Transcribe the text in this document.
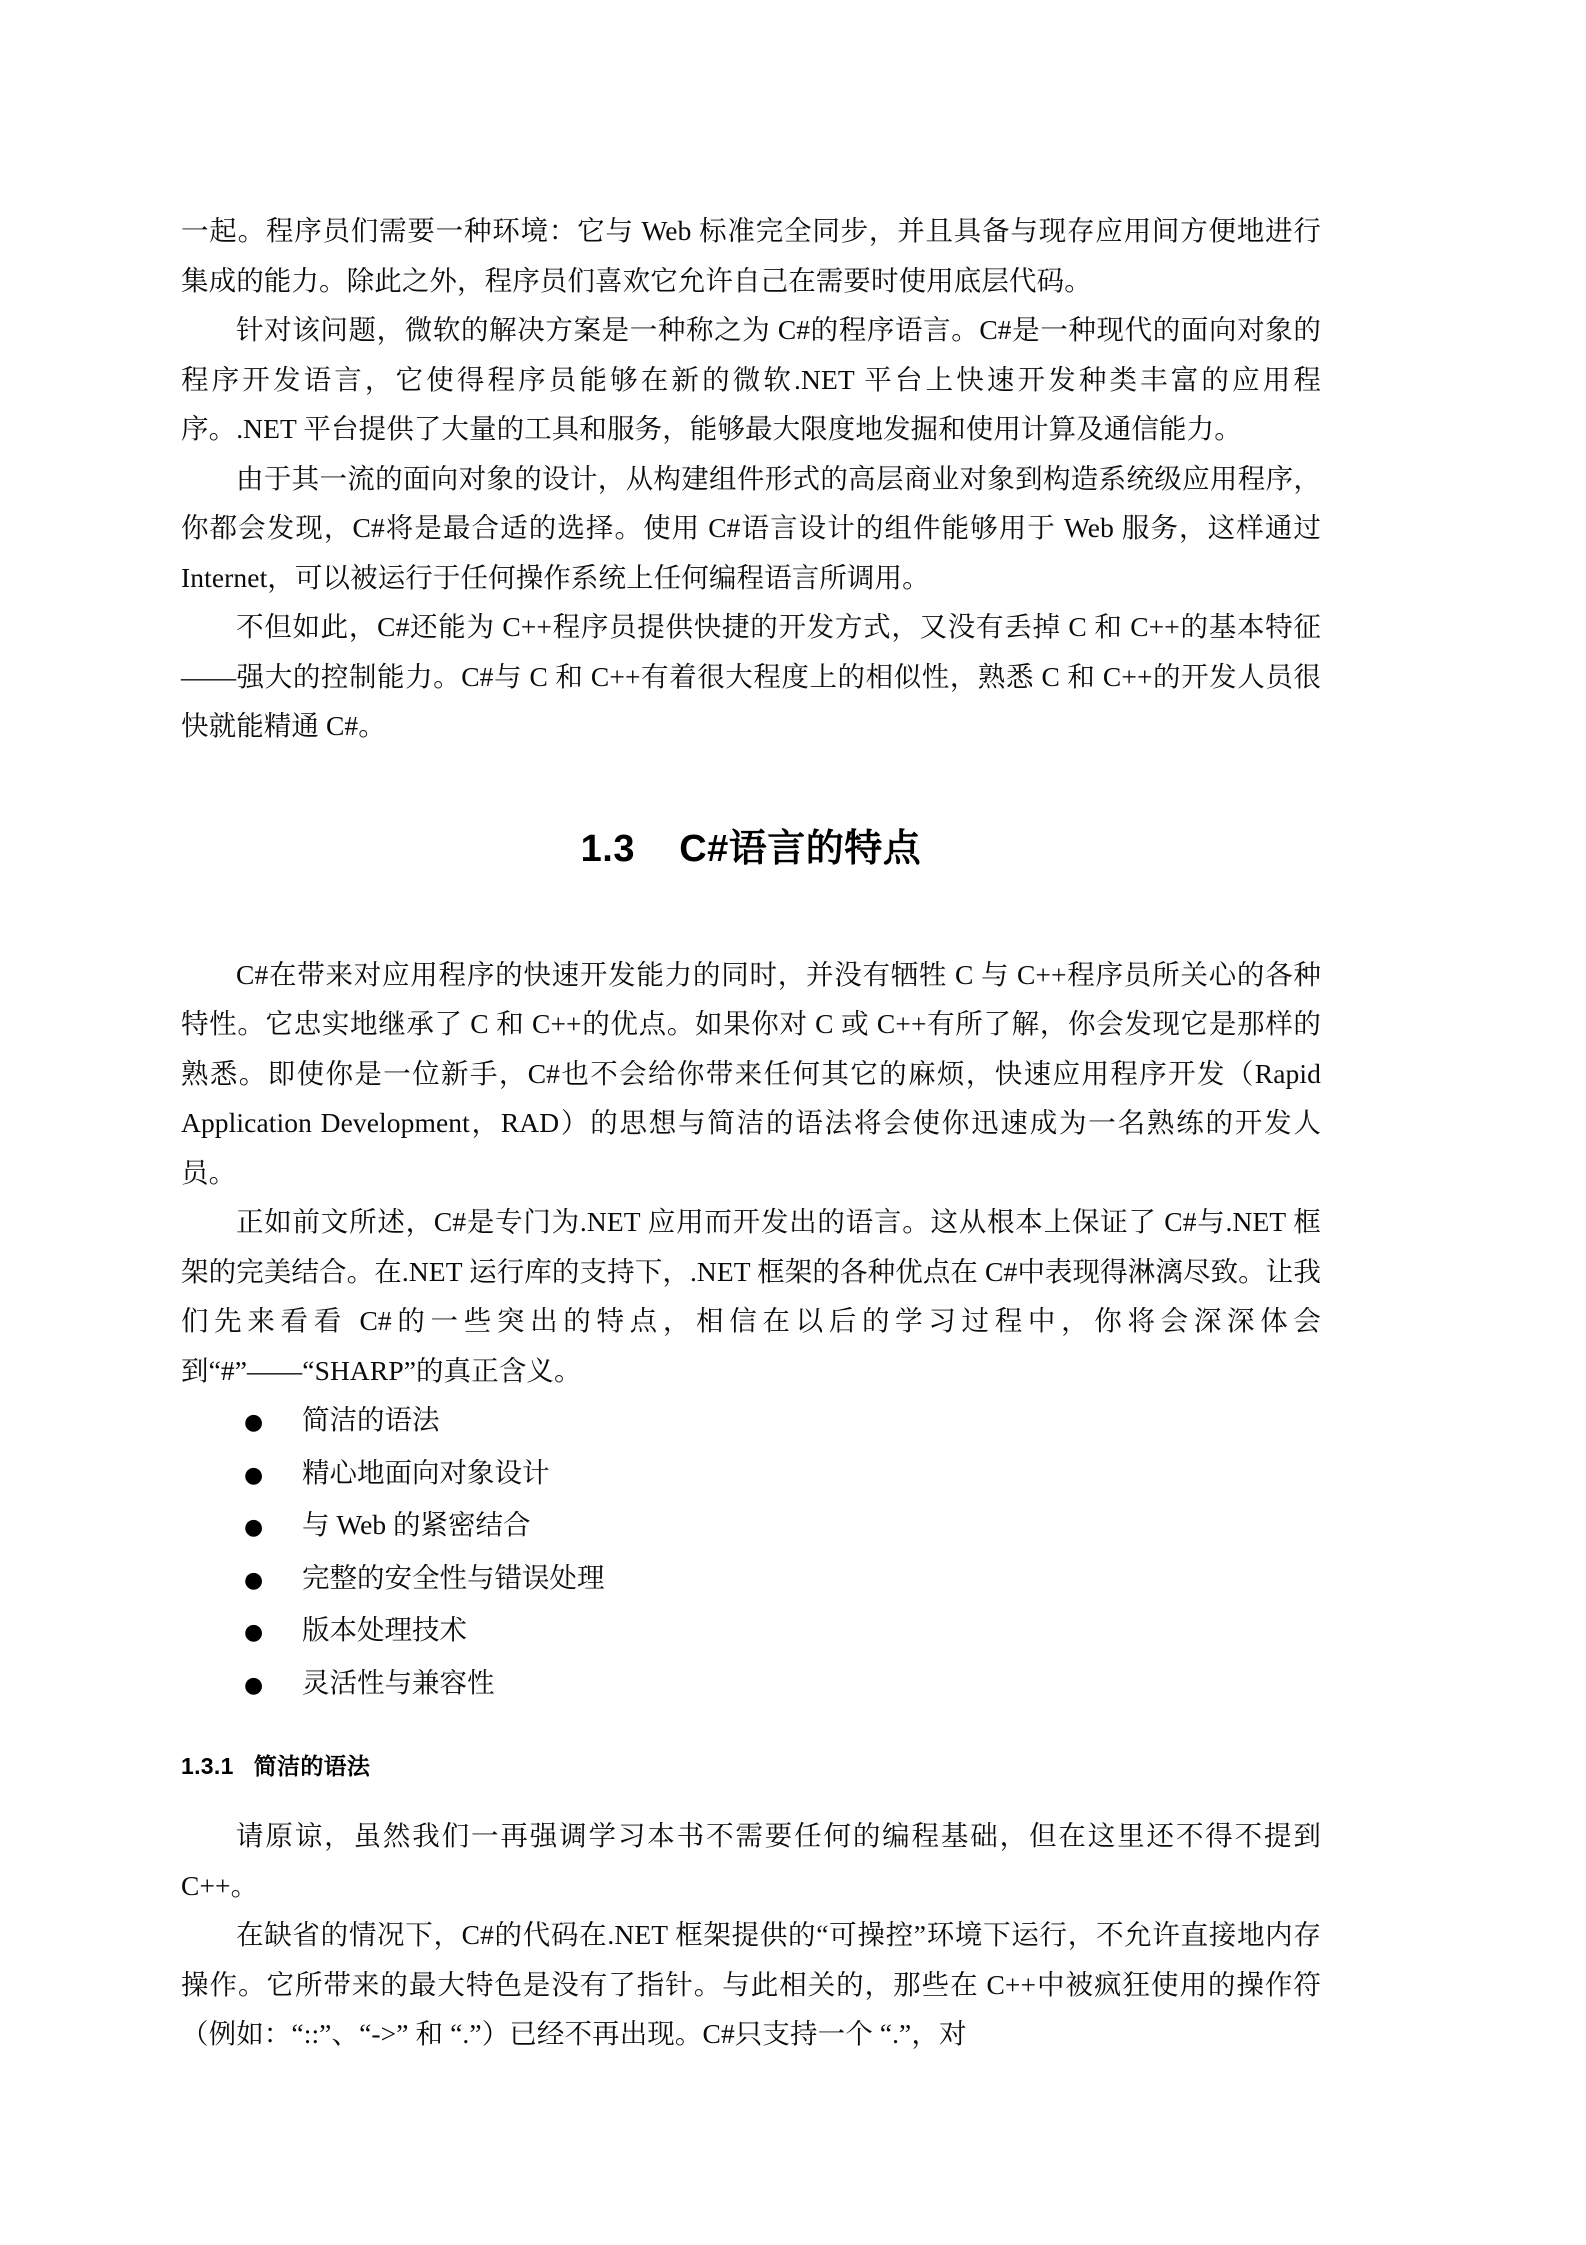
一起。程序员们需要一种环境：它与 Web 标准完全同步，并且具备与现存应用间方便地进行集成的能力。除此之外，程序员们喜欢它允许自己在需要时使用底层代码。

针对该问题，微软的解决方案是一种称之为 C#的程序语言。C#是一种现代的面向对象的程序开发语言，它使得程序员能够在新的微软.NET 平台上快速开发种类丰富的应用程序。.NET 平台提供了大量的工具和服务，能够最大限度地发掘和使用计算及通信能力。

由于其一流的面向对象的设计，从构建组件形式的高层商业对象到构造系统级应用程序，你都会发现，C#将是最合适的选择。使用 C#语言设计的组件能够用于 Web 服务，这样通过 Internet，可以被运行于任何操作系统上任何编程语言所调用。

不但如此，C#还能为 C++程序员提供快捷的开发方式，又没有丢掉 C 和 C++的基本特征——强大的控制能力。C#与 C 和 C++有着很大程度上的相似性，熟悉 C 和 C++的开发人员很快就能精通 C#。

1.3    C#语言的特点

C#在带来对应用程序的快速开发能力的同时，并没有牺牲 C 与 C++程序员所关心的各种特性。它忠实地继承了 C 和 C++的优点。如果你对 C 或 C++有所了解，你会发现它是那样的熟悉。即使你是一位新手，C#也不会给你带来任何其它的麻烦，快速应用程序开发（Rapid Application Development，RAD）的思想与简洁的语法将会使你迅速成为一名熟练的开发人员。

正如前文所述，C#是专门为.NET 应用而开发出的语言。这从根本上保证了 C#与.NET 框架的完美结合。在.NET 运行库的支持下，.NET 框架的各种优点在 C#中表现得淋漓尽致。让我们先来看看 C#的一些突出的特点，相信在以后的学习过程中，你将会深深体会到“#”——“SHARP”的真正含义。

●	简洁的语法
●	精心地面向对象设计
●	与 Web 的紧密结合
●	完整的安全性与错误处理
●	版本处理技术
●	灵活性与兼容性
1.3.1   简洁的语法

请原谅，虽然我们一再强调学习本书不需要任何的编程基础，但在这里还不得不提到 C++。

在缺省的情况下，C#的代码在.NET 框架提供的“可操控”环境下运行，不允许直接地内存操作。它所带来的最大特色是没有了指针。与此相关的，那些在 C++中被疯狂使用的操作符（例如：“::”、“->” 和 “.”）已经不再出现。C#只支持一个 “.”，对
